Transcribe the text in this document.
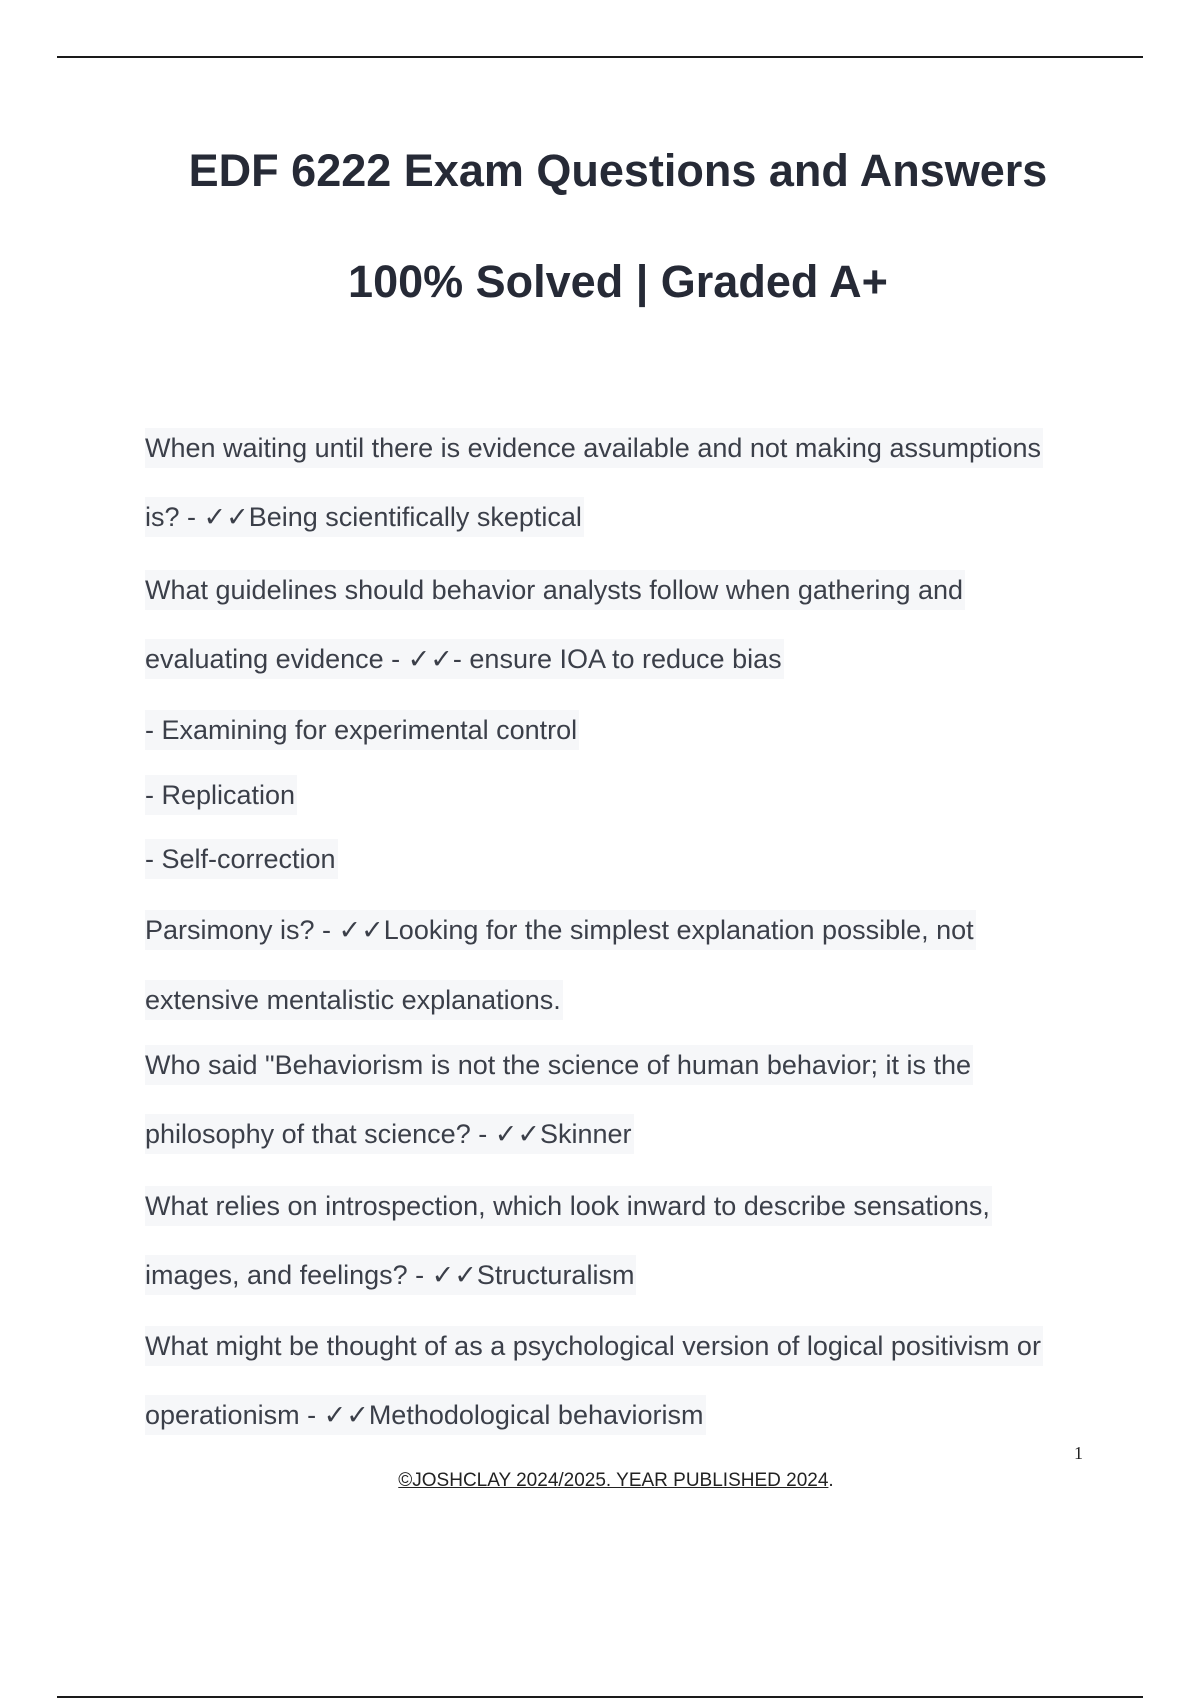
EDF 6222 Exam Questions and Answers
100% Solved | Graded A+
When waiting until there is evidence available and not making assumptions
is? - ✓✓Being scientifically skeptical
What guidelines should behavior analysts follow when gathering and
evaluating evidence - ✓✓- ensure IOA to reduce bias
- Examining for experimental control
- Replication
- Self-correction
Parsimony is? - ✓✓Looking for the simplest explanation possible, not
extensive mentalistic explanations.
Who said "Behaviorism is not the science of human behavior; it is the
philosophy of that science? - ✓✓Skinner
What relies on introspection, which look inward to describe sensations,
images, and feelings? - ✓✓Structuralism
What might be thought of as a psychological version of logical positivism or
operationism - ✓✓Methodological behaviorism
1
©JOSHCLAY 2024/2025. YEAR PUBLISHED 2024.
